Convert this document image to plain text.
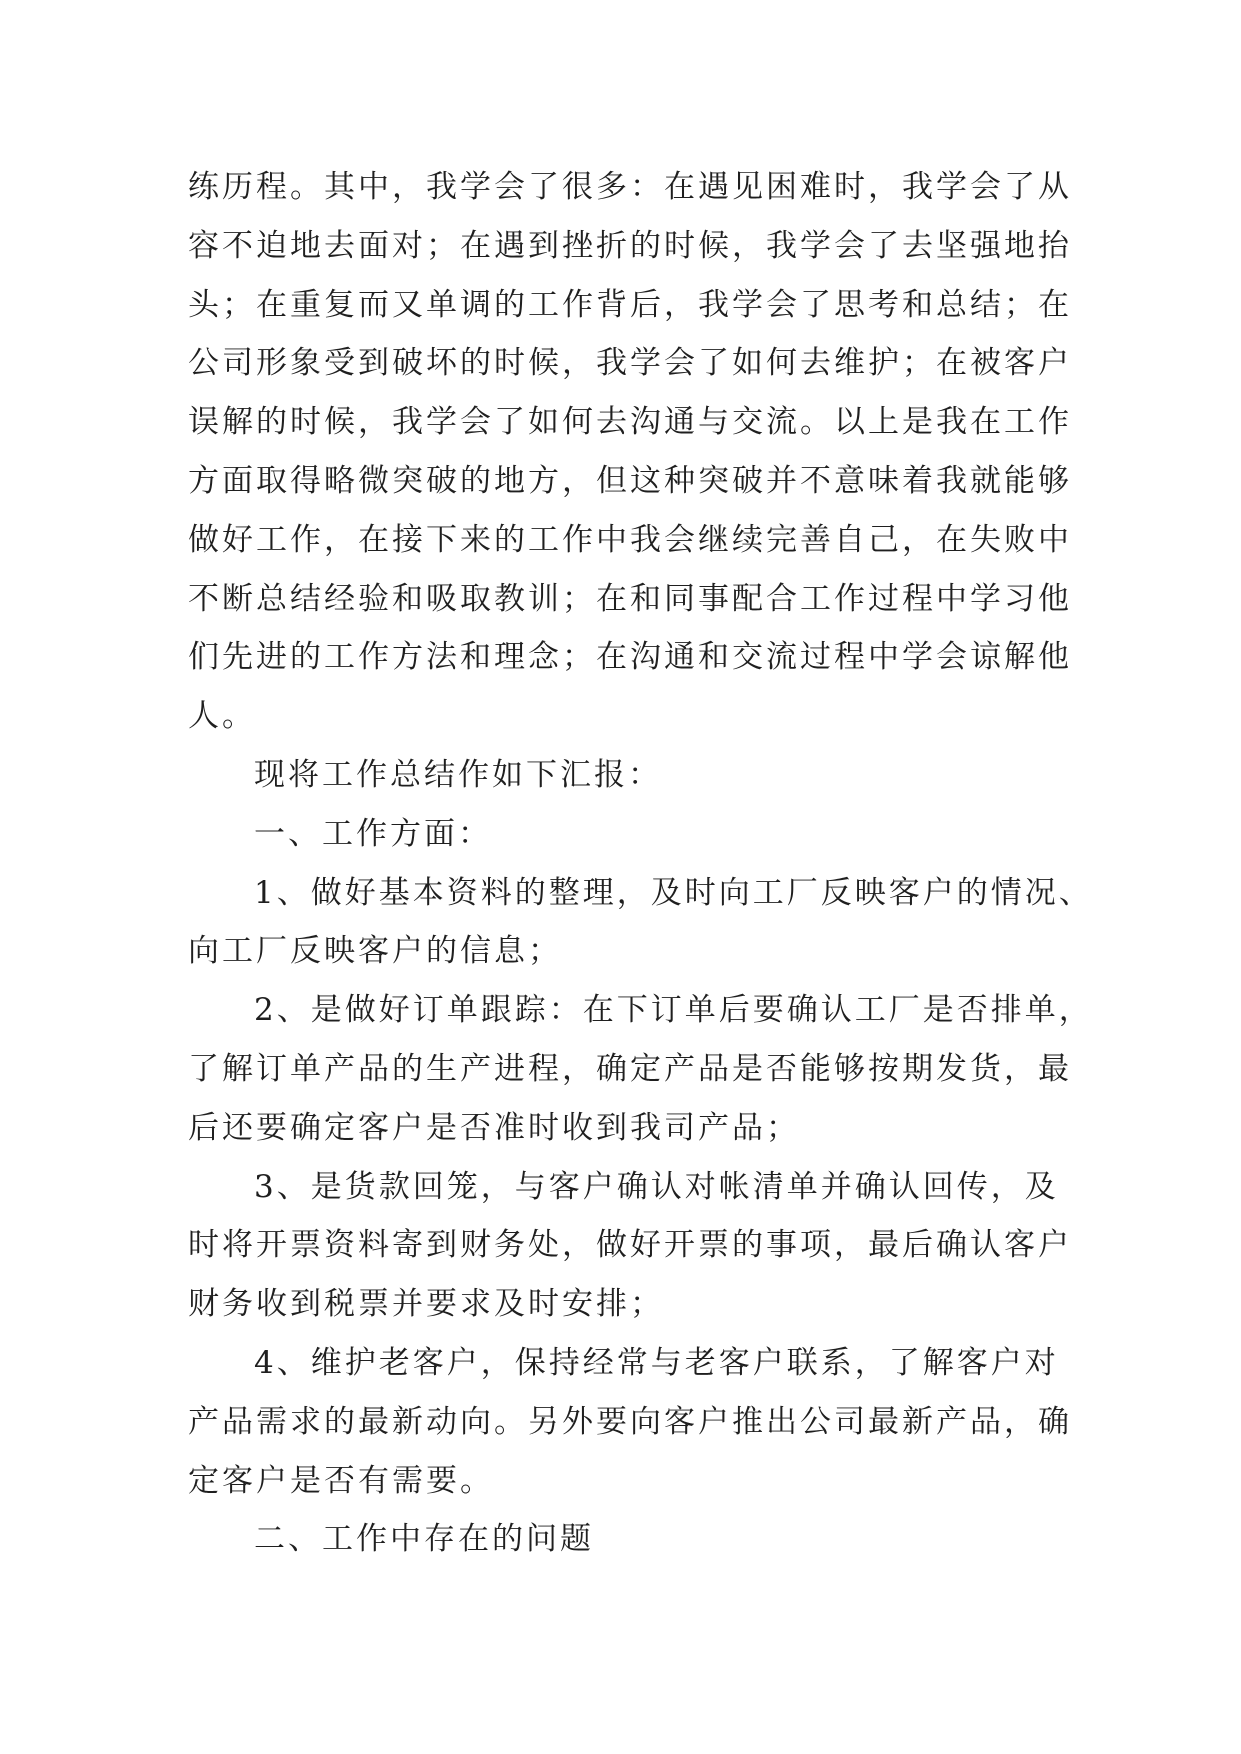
练历程。其中，我学会了很多：在遇见困难时，我学会了从
容不迫地去面对；在遇到挫折的时候，我学会了去坚强地抬
头；在重复而又单调的工作背后，我学会了思考和总结；在
公司形象受到破坏的时候，我学会了如何去维护；在被客户
误解的时候，我学会了如何去沟通与交流。以上是我在工作
方面取得略微突破的地方，但这种突破并不意味着我就能够
做好工作，在接下来的工作中我会继续完善自己，在失败中
不断总结经验和吸取教训；在和同事配合工作过程中学习他
们先进的工作方法和理念；在沟通和交流过程中学会谅解他
人。
现将工作总结作如下汇报：
一、工作方面：
1、做好基本资料的整理，及时向工厂反映客户的情况、
向工厂反映客户的信息；
2、是做好订单跟踪：在下订单后要确认工厂是否排单，
了解订单产品的生产进程，确定产品是否能够按期发货，最
后还要确定客户是否准时收到我司产品；
3、是货款回笼，与客户确认对帐清单并确认回传，及
时将开票资料寄到财务处，做好开票的事项，最后确认客户
财务收到税票并要求及时安排；
4、维护老客户，保持经常与老客户联系，了解客户对
产品需求的最新动向。另外要向客户推出公司最新产品，确
定客户是否有需要。
二、工作中存在的问题
